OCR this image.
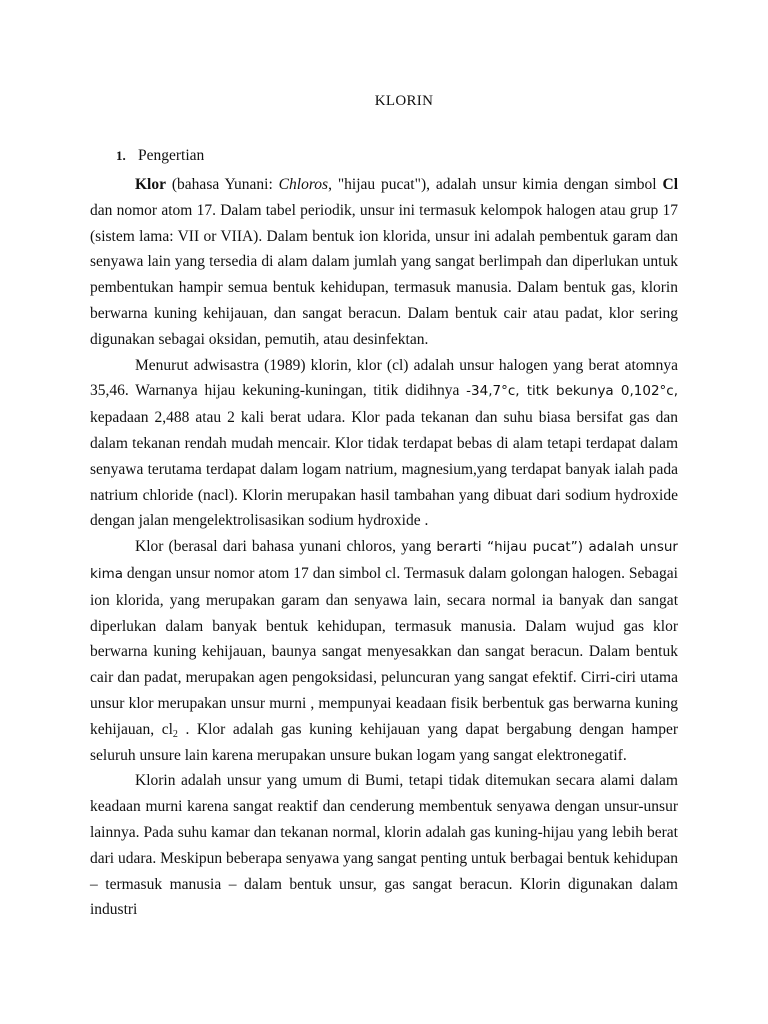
KLORIN
1. Pengertian

Klor (bahasa Yunani: Chloros, "hijau pucat"), adalah unsur kimia dengan simbol Cl dan nomor atom 17. Dalam tabel periodik, unsur ini termasuk kelompok halogen atau grup 17 (sistem lama: VII or VIIA). Dalam bentuk ion klorida, unsur ini adalah pembentuk garam dan senyawa lain yang tersedia di alam dalam jumlah yang sangat berlimpah dan diperlukan untuk pembentukan hampir semua bentuk kehidupan, termasuk manusia. Dalam bentuk gas, klorin berwarna kuning kehijauan, dan sangat beracun. Dalam bentuk cair atau padat, klor sering digunakan sebagai oksidan, pemutih, atau desinfektan.

Menurut adwisastra (1989) klorin, klor (cl) adalah unsur halogen yang berat atomnya 35,46. Warnanya hijau kekuning-kuningan, titik didihnya -34,7°c, titk bekunya 0,102°c, kepadaan 2,488 atau 2 kali berat udara. Klor pada tekanan dan suhu biasa bersifat gas dan dalam tekanan rendah mudah mencair. Klor tidak terdapat bebas di alam tetapi terdapat dalam senyawa terutama terdapat dalam logam natrium, magnesium,yang terdapat banyak ialah pada natrium chloride (nacl). Klorin merupakan hasil tambahan yang dibuat dari sodium hydroxide dengan jalan mengelektrolisasikan sodium hydroxide .

Klor (berasal dari bahasa yunani chloros, yang berarti “hijau pucat”) adalah unsur kima dengan unsur nomor atom 17 dan simbol cl. Termasuk dalam golongan halogen. Sebagai ion klorida, yang merupakan garam dan senyawa lain, secara normal ia banyak dan sangat diperlukan dalam banyak bentuk kehidupan, termasuk manusia. Dalam wujud gas klor berwarna kuning kehijauan, baunya sangat menyesakkan dan sangat beracun. Dalam bentuk cair dan padat, merupakan agen pengoksidasi, peluncuran yang sangat efektif. Cirri-ciri utama unsur klor merupakan unsur murni , mempunyai keadaan fisik berbentuk gas berwarna kuning kehijauan, $cl_2$ . Klor adalah gas kuning kehijauan yang dapat bergabung dengan hamper seluruh unsure lain karena merupakan unsure bukan logam yang sangat elektronegatif.

Klorin adalah unsur yang umum di Bumi, tetapi tidak ditemukan secara alami dalam keadaan murni karena sangat reaktif dan cenderung membentuk senyawa dengan unsur-unsur lainnya. Pada suhu kamar dan tekanan normal, klorin adalah gas kuning-hijau yang lebih berat dari udara. Meskipun beberapa senyawa yang sangat penting untuk berbagai bentuk kehidupan – termasuk manusia – dalam bentuk unsur, gas sangat beracun. Klorin digunakan dalam industri
